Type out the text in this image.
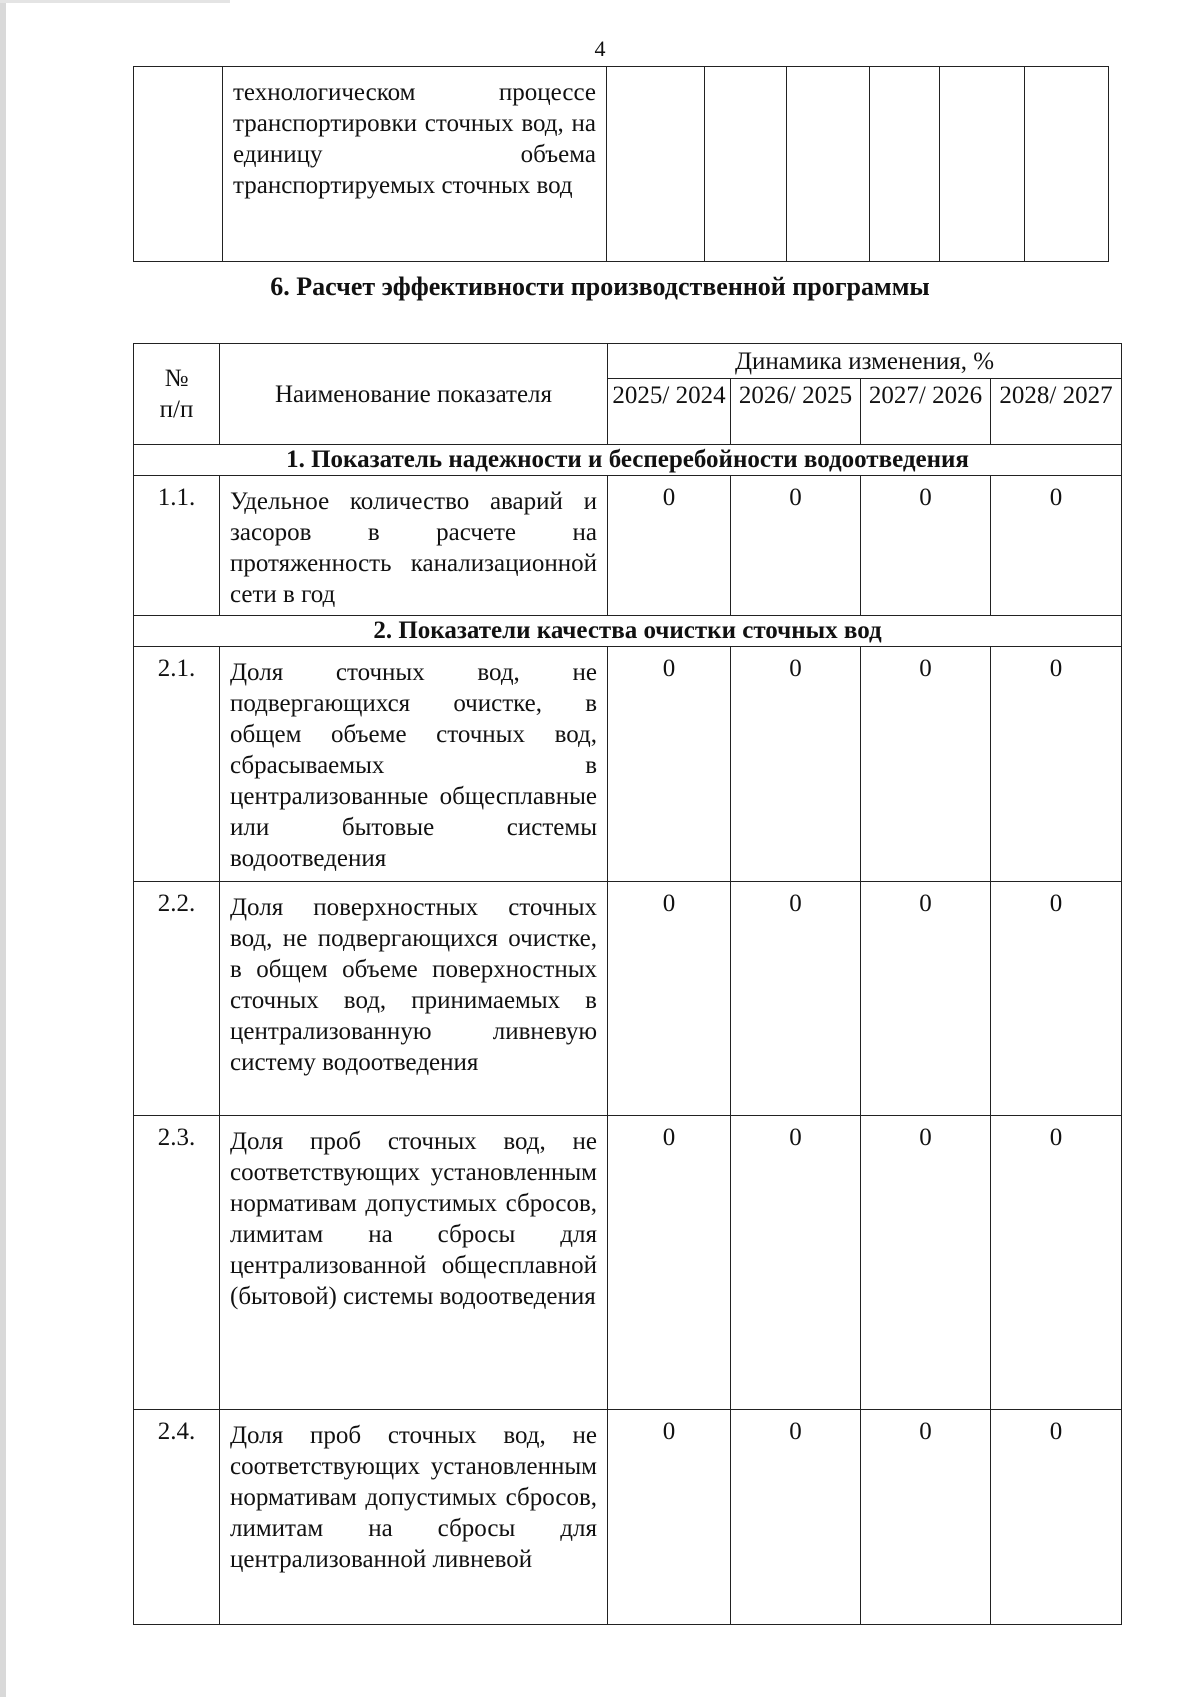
4
	технологическом процессе транспортировки сточных вод, на единицу объема транспортируемых сточных вод						
6. Расчет эффективности производственной программы
№ п/п	Наименование показателя	Динамика изменения, %			
		2025/ 2024	2026/ 2025	2027/ 2026	2028/ 2027
1. Показатель надежности и бесперебойности водоотведения					
1.1.	Удельное количество аварий и засоров в расчете на протяженность канализационной сети в год	0	0	0	0
2. Показатели качества очистки сточных вод					
2.1.	Доля сточных вод, не подвергающихся очистке, в общем объеме сточных вод, сбрасываемых в централизованные общесплавные или бытовые системы водоотведения	0	0	0	0
2.2.	Доля поверхностных сточных вод, не подвергающихся очистке, в общем объеме поверхностных сточных вод, принимаемых в централизованную ливневую систему водоотведения	0	0	0	0
2.3.	Доля проб сточных вод, не соответствующих установленным нормативам допустимых сбросов, лимитам на сбросы для централизованной общесплавной (бытовой) системы водоотведения	0	0	0	0
2.4.	Доля проб сточных вод, не соответствующих установленным нормативам допустимых сбросов, лимитам на сбросы для централизованной ливневой	0	0	0	0
